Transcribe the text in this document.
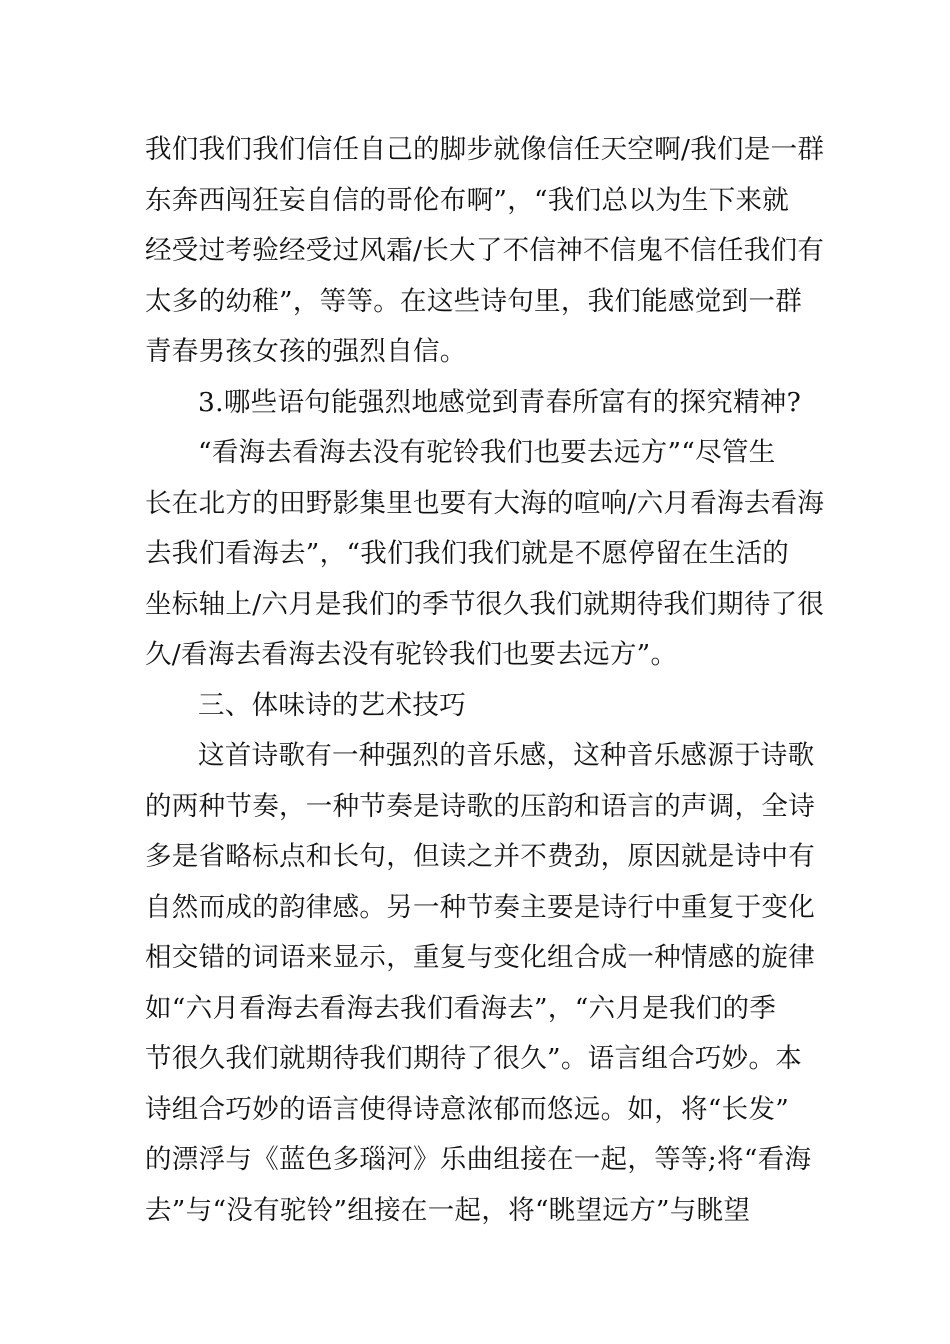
我们我们我们信任自己的脚步就像信任天空啊/我们是一群
东奔西闯狂妄自信的哥伦布啊”，“我们总以为生下来就
经受过考验经受过风霜/长大了不信神不信鬼不信任我们有
太多的幼稚”，等等。在这些诗句里，我们能感觉到一群
青春男孩女孩的强烈自信。
3.哪些语句能强烈地感觉到青春所富有的探究精神?
“看海去看海去没有驼铃我们也要去远方”“尽管生
长在北方的田野影集里也要有大海的喧响/六月看海去看海
去我们看海去”，“我们我们我们就是不愿停留在生活的
坐标轴上/六月是我们的季节很久我们就期待我们期待了很
久/看海去看海去没有驼铃我们也要去远方”。
三、体味诗的艺术技巧
这首诗歌有一种强烈的音乐感，这种音乐感源于诗歌
的两种节奏，一种节奏是诗歌的压韵和语言的声调，全诗
多是省略标点和长句，但读之并不费劲，原因就是诗中有
自然而成的韵律感。另一种节奏主要是诗行中重复于变化
相交错的词语来显示，重复与变化组合成一种情感的旋律
如“六月看海去看海去我们看海去”，“六月是我们的季
节很久我们就期待我们期待了很久”。语言组合巧妙。本
诗组合巧妙的语言使得诗意浓郁而悠远。如，将“长发”
的漂浮与《蓝色多瑙河》乐曲组接在一起，等等;将“看海
去”与“没有驼铃”组接在一起，将“眺望远方”与眺望
